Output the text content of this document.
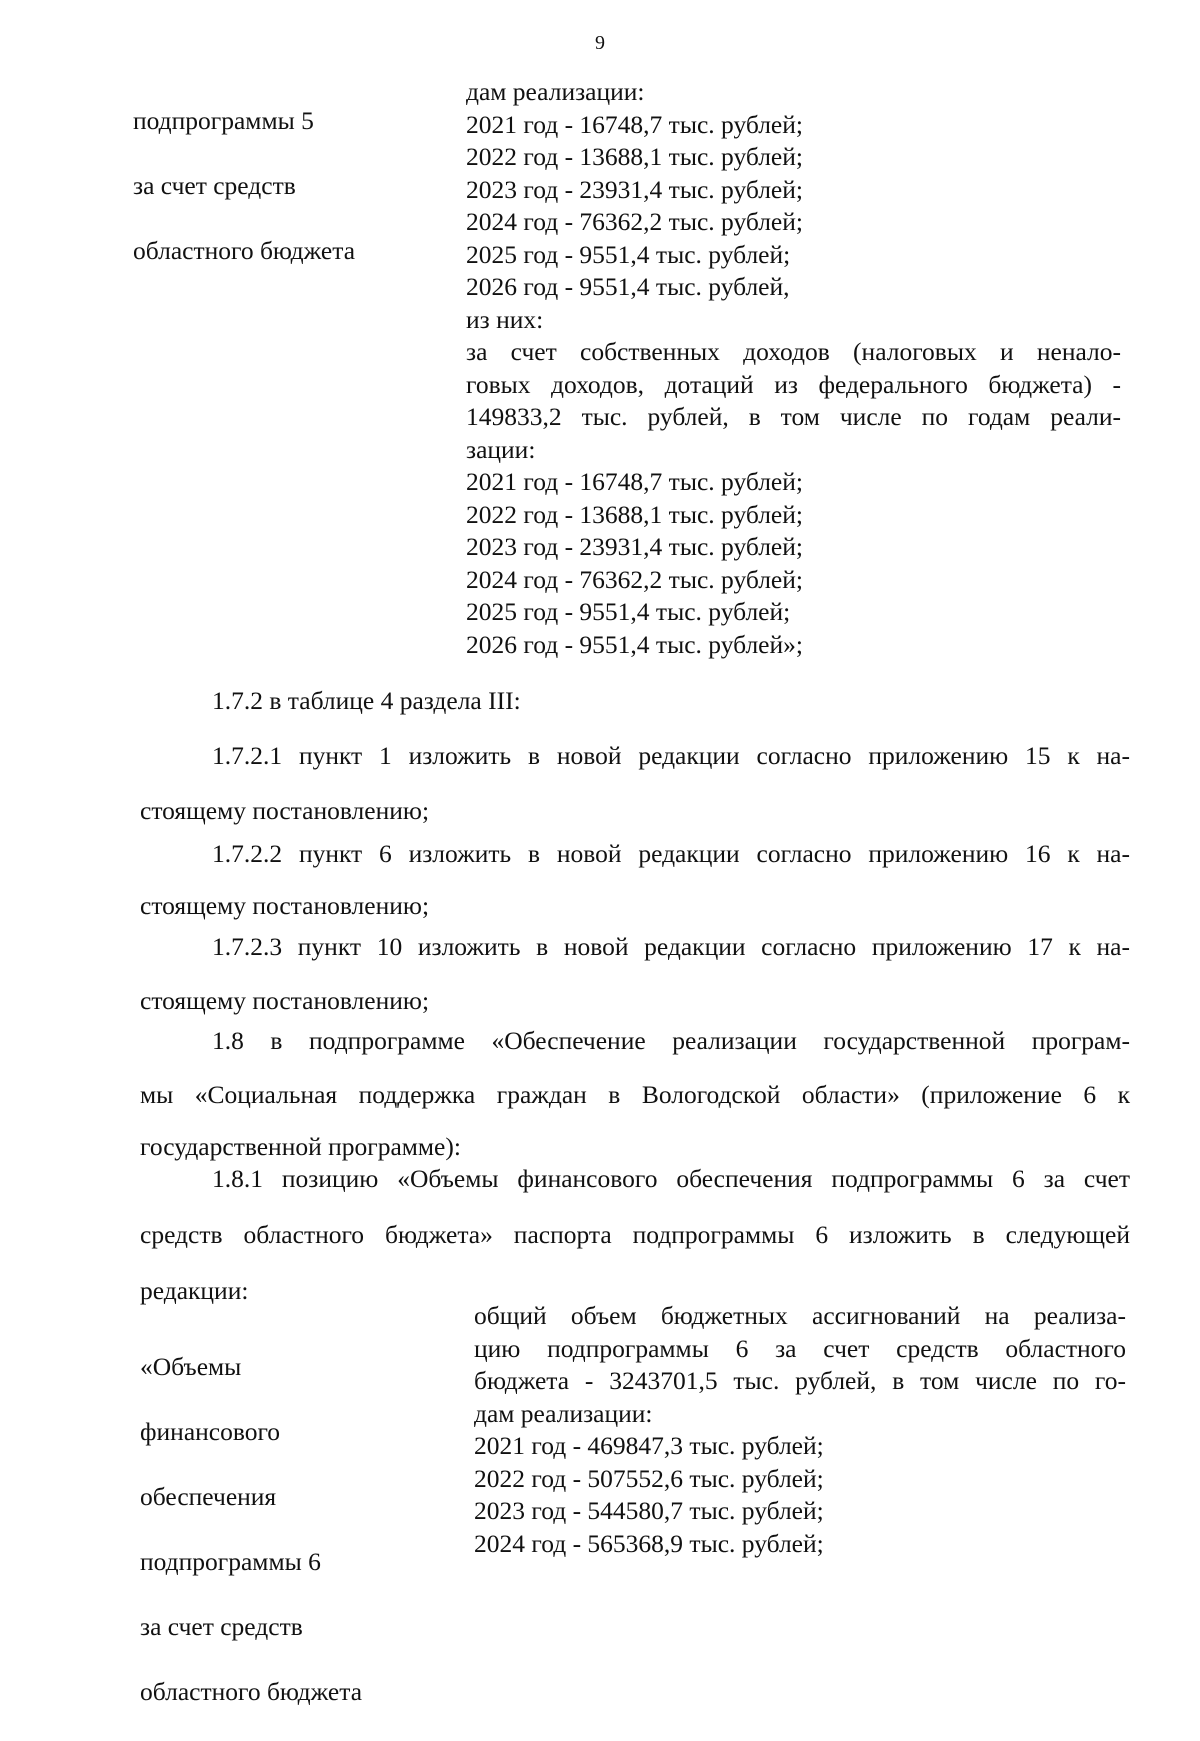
9

подпрограммы 5

за счет средств

областного бюджета

дам реализации:
2021 год - 16748,7 тыс. рублей;
2022 год - 13688,1 тыс. рублей;
2023 год - 23931,4 тыс. рублей;
2024 год - 76362,2 тыс. рублей;
2025 год - 9551,4 тыс. рублей;
2026 год - 9551,4 тыс. рублей,
из них:
за счет собственных доходов (налоговых и ненало-
говых доходов, дотаций из федерального бюджета) -
149833,2 тыс. рублей, в том числе по годам реали-
зации:
2021 год - 16748,7 тыс. рублей;
2022 год - 13688,1 тыс. рублей;
2023 год - 23931,4 тыс. рублей;
2024 год - 76362,2 тыс. рублей;
2025 год - 9551,4 тыс. рублей;
2026 год - 9551,4 тыс. рублей»;
1.7.2 в таблице 4 раздела III:
1.7.2.1 пункт 1 изложить в новой редакции согласно приложению 15 к на-
стоящему постановлению;
1.7.2.2 пункт 6 изложить в новой редакции согласно приложению 16 к на-
стоящему постановлению;
1.7.2.3 пункт 10 изложить в новой редакции согласно приложению 17 к на-
стоящему постановлению;
1.8 в подпрограмме «Обеспечение реализации государственной програм-
мы «Социальная поддержка граждан в Вологодской области» (приложение 6 к
государственной программе):
1.8.1 позицию «Объемы финансового обеспечения подпрограммы 6 за счет
средств областного бюджета» паспорта подпрограммы 6 изложить в следующей
редакции:

«Объемы

финансового

обеспечения

подпрограммы 6

за счет средств

областного бюджета

общий объем бюджетных ассигнований на реализа-
цию подпрограммы 6 за счет средств областного
бюджета - 3243701,5 тыс. рублей, в том числе по го-
дам реализации:
2021 год - 469847,3 тыс. рублей;
2022 год - 507552,6 тыс. рублей;
2023 год - 544580,7 тыс. рублей;
2024 год - 565368,9 тыс. рублей;
